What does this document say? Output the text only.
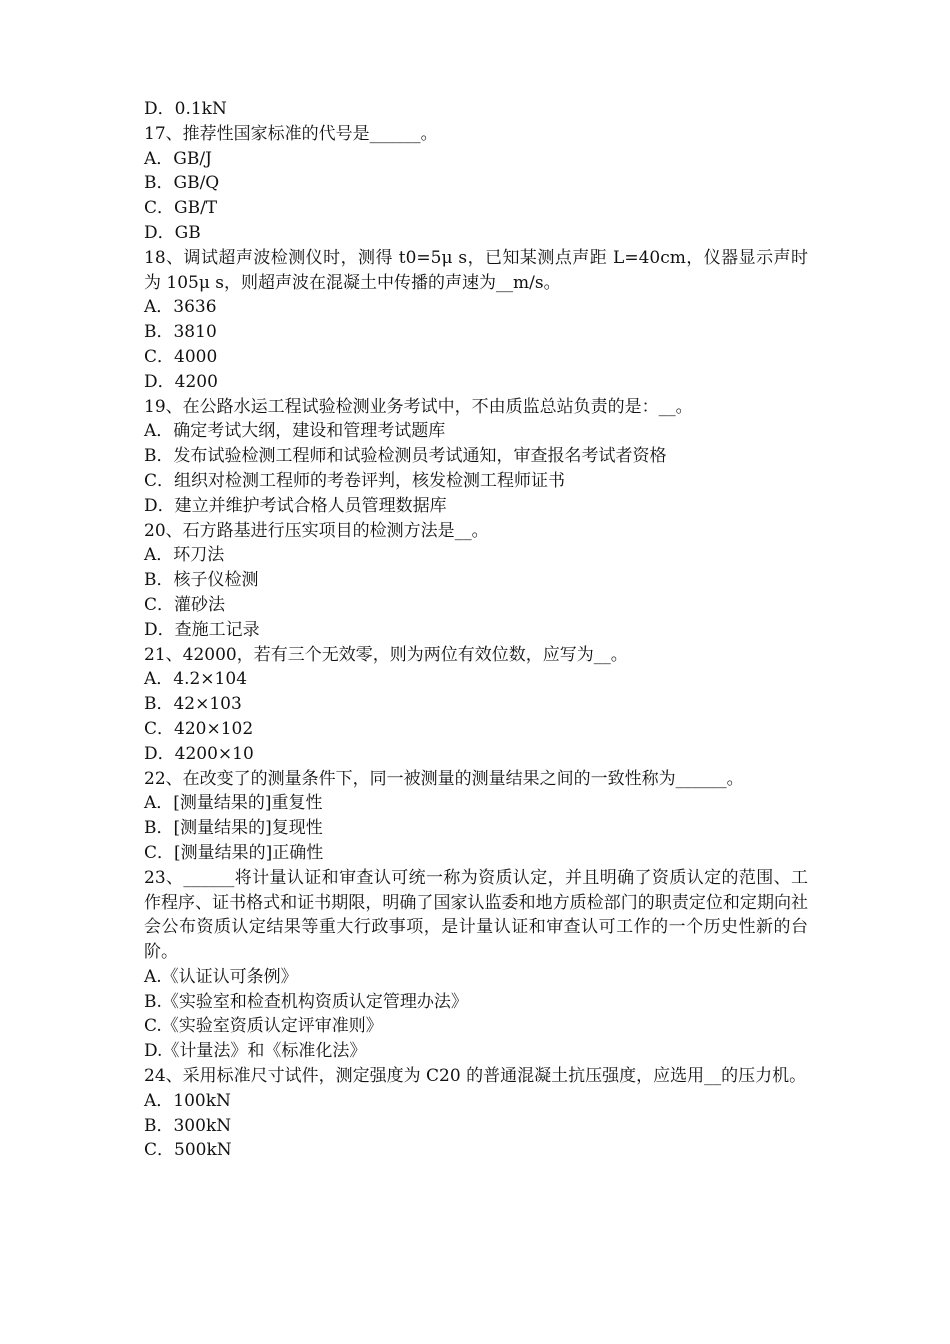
D．0.1kN
17、推荐性国家标准的代号是______。
A．GB/J
B．GB/Q
C．GB/T
D．GB
18、调试超声波检测仪时，测得 t0=5μ s，已知某测点声距 L=40cm，仪器显示声时为 105μ s，则超声波在混凝土中传播的声速为__m/s。
A．3636
B．3810
C．4000
D．4200
19、在公路水运工程试验检测业务考试中，不由质监总站负责的是：__。
A．确定考试大纲，建设和管理考试题库
B．发布试验检测工程师和试验检测员考试通知，审查报名考试者资格
C．组织对检测工程师的考卷评判，核发检测工程师证书
D．建立并维护考试合格人员管理数据库
20、石方路基进行压实项目的检测方法是__。
A．环刀法
B．核子仪检测
C．灌砂法
D．查施工记录
21、42000，若有三个无效零，则为两位有效位数，应写为__。
A．4.2×104
B．42×103
C．420×102
D．4200×10
22、在改变了的测量条件下，同一被测量的测量结果之间的一致性称为______。
A．[测量结果的]重复性
B．[测量结果的]复现性
C．[测量结果的]正确性
23、______将计量认证和审查认可统一称为资质认定，并且明确了资质认定的范围、工作程序、证书格式和证书期限，明确了国家认监委和地方质检部门的职责定位和定期向社会公布资质认定结果等重大行政事项，是计量认证和审查认可工作的一个历史性新的台阶。
A.《认证认可条例》
B.《实验室和检查机构资质认定管理办法》
C.《实验室资质认定评审准则》
D.《计量法》和《标准化法》
24、采用标准尺寸试件，测定强度为 C20 的普通混凝土抗压强度，应选用__的压力机。
A．100kN
B．300kN
C．500kN
